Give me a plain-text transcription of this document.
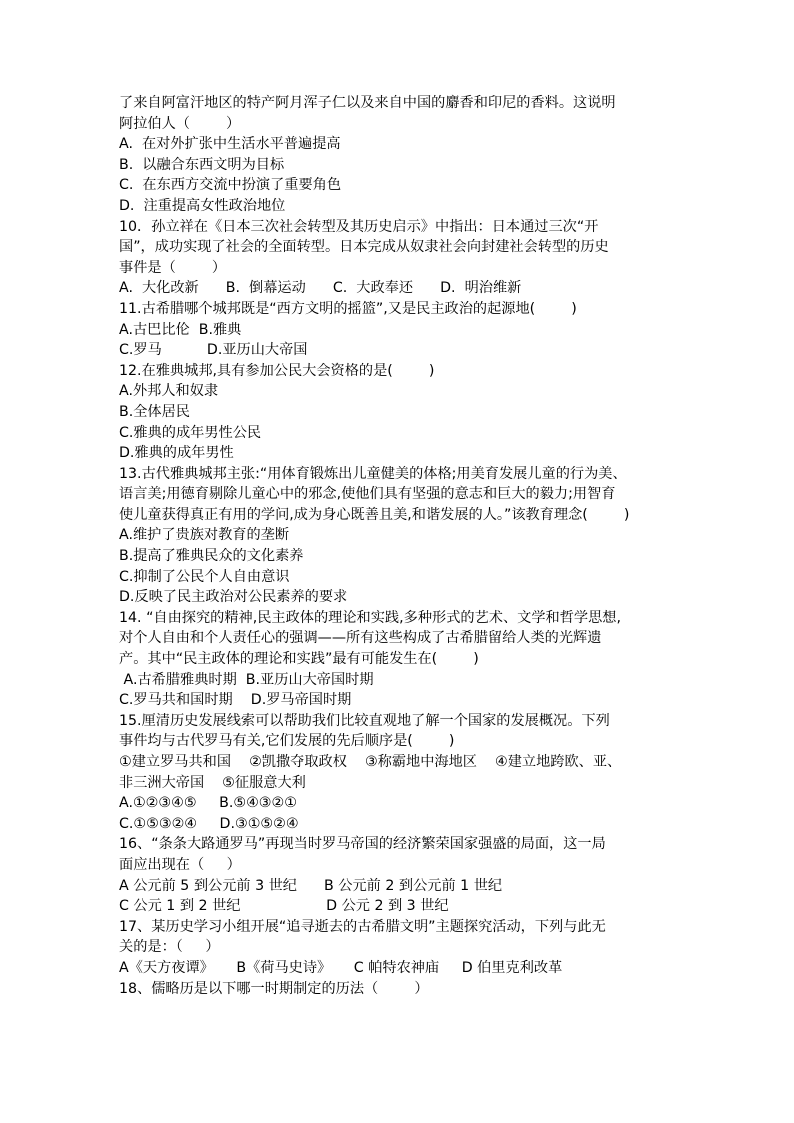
了来自阿富汗地区的特产阿月浑子仁以及来自中国的麝香和印尼的香料。这说明
阿拉伯人（        ）
A.  在对外扩张中生活水平普遍提高
B.  以融合东西文明为目标
C.  在东西方交流中扮演了重要角色
D.  注重提高女性政治地位
10．孙立祥在《日本三次社会转型及其历史启示》中指出：日本通过三次“开
国”，成功实现了社会的全面转型。日本完成从奴隶社会向封建社会转型的历史
事件是（        ）
A.  大化改新      B.  倒幕运动      C.  大政奉还      D.  明治维新
11.古希腊哪个城邦既是“西方文明的摇篮”,又是民主政治的起源地(        )
A.古巴比伦  B.雅典
C.罗马          D.亚历山大帝国
12.在雅典城邦,具有参加公民大会资格的是(        )
A.外邦人和奴隶
B.全体居民
C.雅典的成年男性公民
D.雅典的成年男性
13.古代雅典城邦主张:“用体育锻炼出儿童健美的体格;用美育发展儿童的行为美、
语言美;用德育剔除儿童心中的邪念,使他们具有坚强的意志和巨大的毅力;用智育
使儿童获得真正有用的学问,成为身心既善且美,和谐发展的人。”该教育理念(        )
A.维护了贵族对教育的垄断
B.提高了雅典民众的文化素养
C.抑制了公民个人自由意识
D.反映了民主政治对公民素养的要求
14. “自由探究的精神,民主政体的理论和实践,多种形式的艺术、文学和哲学思想,
对个人自由和个人责任心的强调——所有这些构成了古希腊留给人类的光辉遗
产。其中“民主政体的理论和实践”最有可能发生在(        )
A.古希腊雅典时期  B.亚历山大帝国时期
C.罗马共和国时期    D.罗马帝国时期
15.厘清历史发展线索可以帮助我们比较直观地了解一个国家的发展概况。下列
事件均与古代罗马有关,它们发展的先后顺序是(        )
①建立罗马共和国    ②凯撒夺取政权    ③称霸地中海地区    ④建立地跨欧、亚、
非三洲大帝国    ⑤征服意大利
A.①②③④⑤     B.⑤④③②①
C.①⑤③②④     D.③①⑤②④
16、“条条大路通罗马”再现当时罗马帝国的经济繁荣国家强盛的局面，这一局
面应出现在（     ）
A 公元前 5 到公元前 3 世纪      B 公元前 2 到公元前 1 世纪
C 公元 1 到 2 世纪                   D 公元 2 到 3 世纪
17、某历史学习小组开展“追寻逝去的古希腊文明”主题探究活动，下列与此无
关的是：（     ）
A《天方夜谭》     B《荷马史诗》     C 帕特农神庙     D 伯里克利改革
18、儒略历是以下哪一时期制定的历法（        ）
